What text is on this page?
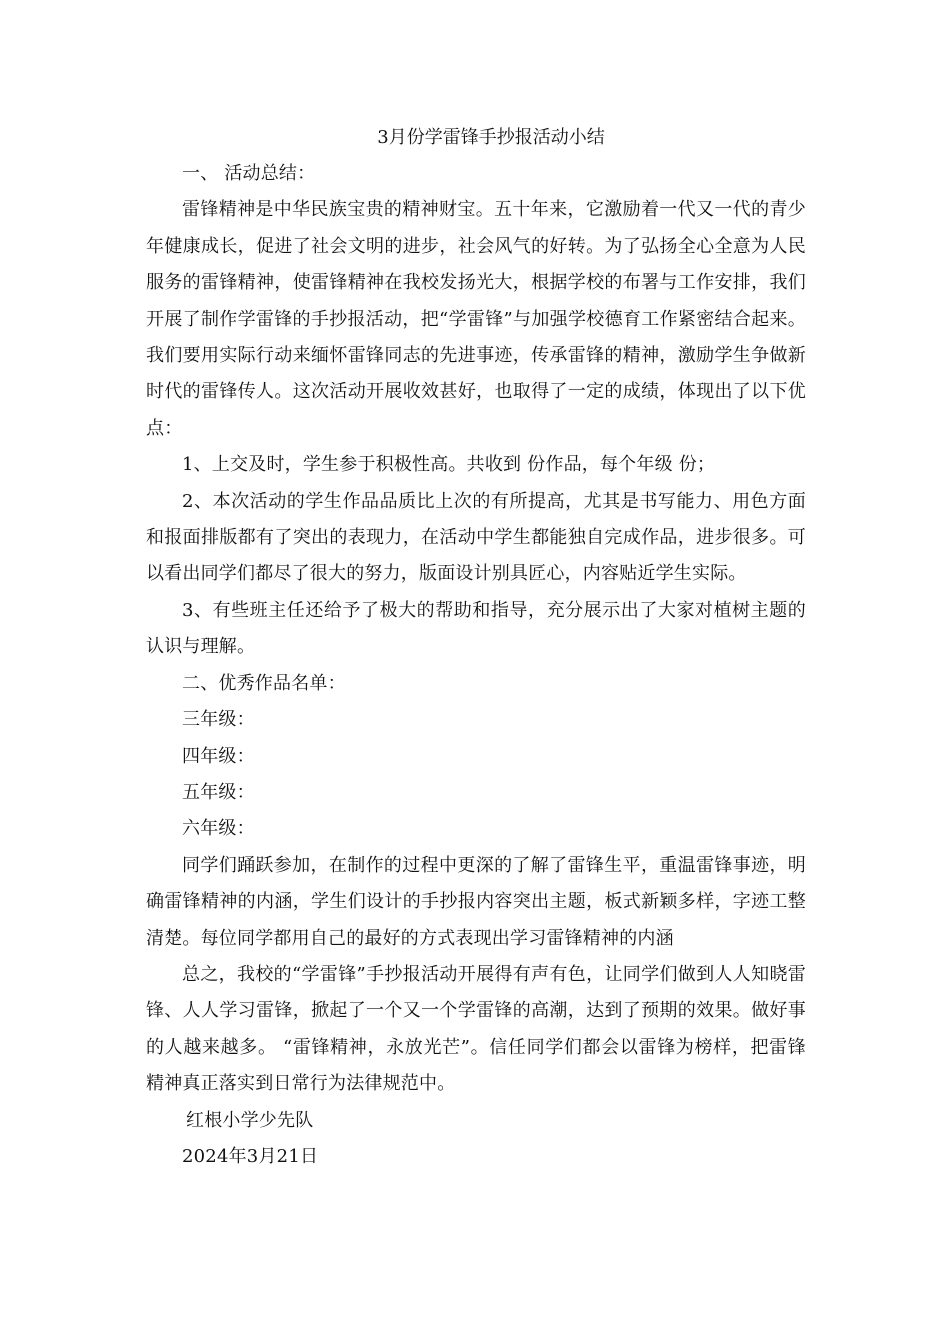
3月份学雷锋手抄报活动小结

一、 活动总结：

雷锋精神是中华民族宝贵的精神财宝。五十年来，它激励着一代又一代的青少年健康成长，促进了社会文明的进步，社会风气的好转。为了弘扬全心全意为人民服务的雷锋精神，使雷锋精神在我校发扬光大，根据学校的布署与工作安排，我们开展了制作学雷锋的手抄报活动，把“学雷锋”与加强学校德育工作紧密结合起来。我们要用实际行动来缅怀雷锋同志的先进事迹，传承雷锋的精神，激励学生争做新时代的雷锋传人。这次活动开展收效甚好，也取得了一定的成绩，体现出了以下优点：

1、上交及时，学生参于积极性高。共收到 份作品，每个年级 份；

2、本次活动的学生作品品质比上次的有所提高，尤其是书写能力、用色方面和报面排版都有了突出的表现力，在活动中学生都能独自完成作品，进步很多。可以看出同学们都尽了很大的努力，版面设计别具匠心，内容贴近学生实际。

3、有些班主任还给予了极大的帮助和指导，充分展示出了大家对植树主题的认识与理解。

二、优秀作品名单：

三年级：

四年级：

五年级：

六年级：

同学们踊跃参加，在制作的过程中更深的了解了雷锋生平，重温雷锋事迹，明确雷锋精神的内涵，学生们设计的手抄报内容突出主题，板式新颖多样，字迹工整清楚。每位同学都用自己的最好的方式表现出学习雷锋精神的内涵

总之，我校的“学雷锋”手抄报活动开展得有声有色，让同学们做到人人知晓雷锋、人人学习雷锋，掀起了一个又一个学雷锋的高潮，达到了预期的效果。做好事的人越来越多。 “雷锋精神，永放光芒”。信任同学们都会以雷锋为榜样，把雷锋精神真正落实到日常行为法律规范中。

红根小学少先队

2024年3月21日
